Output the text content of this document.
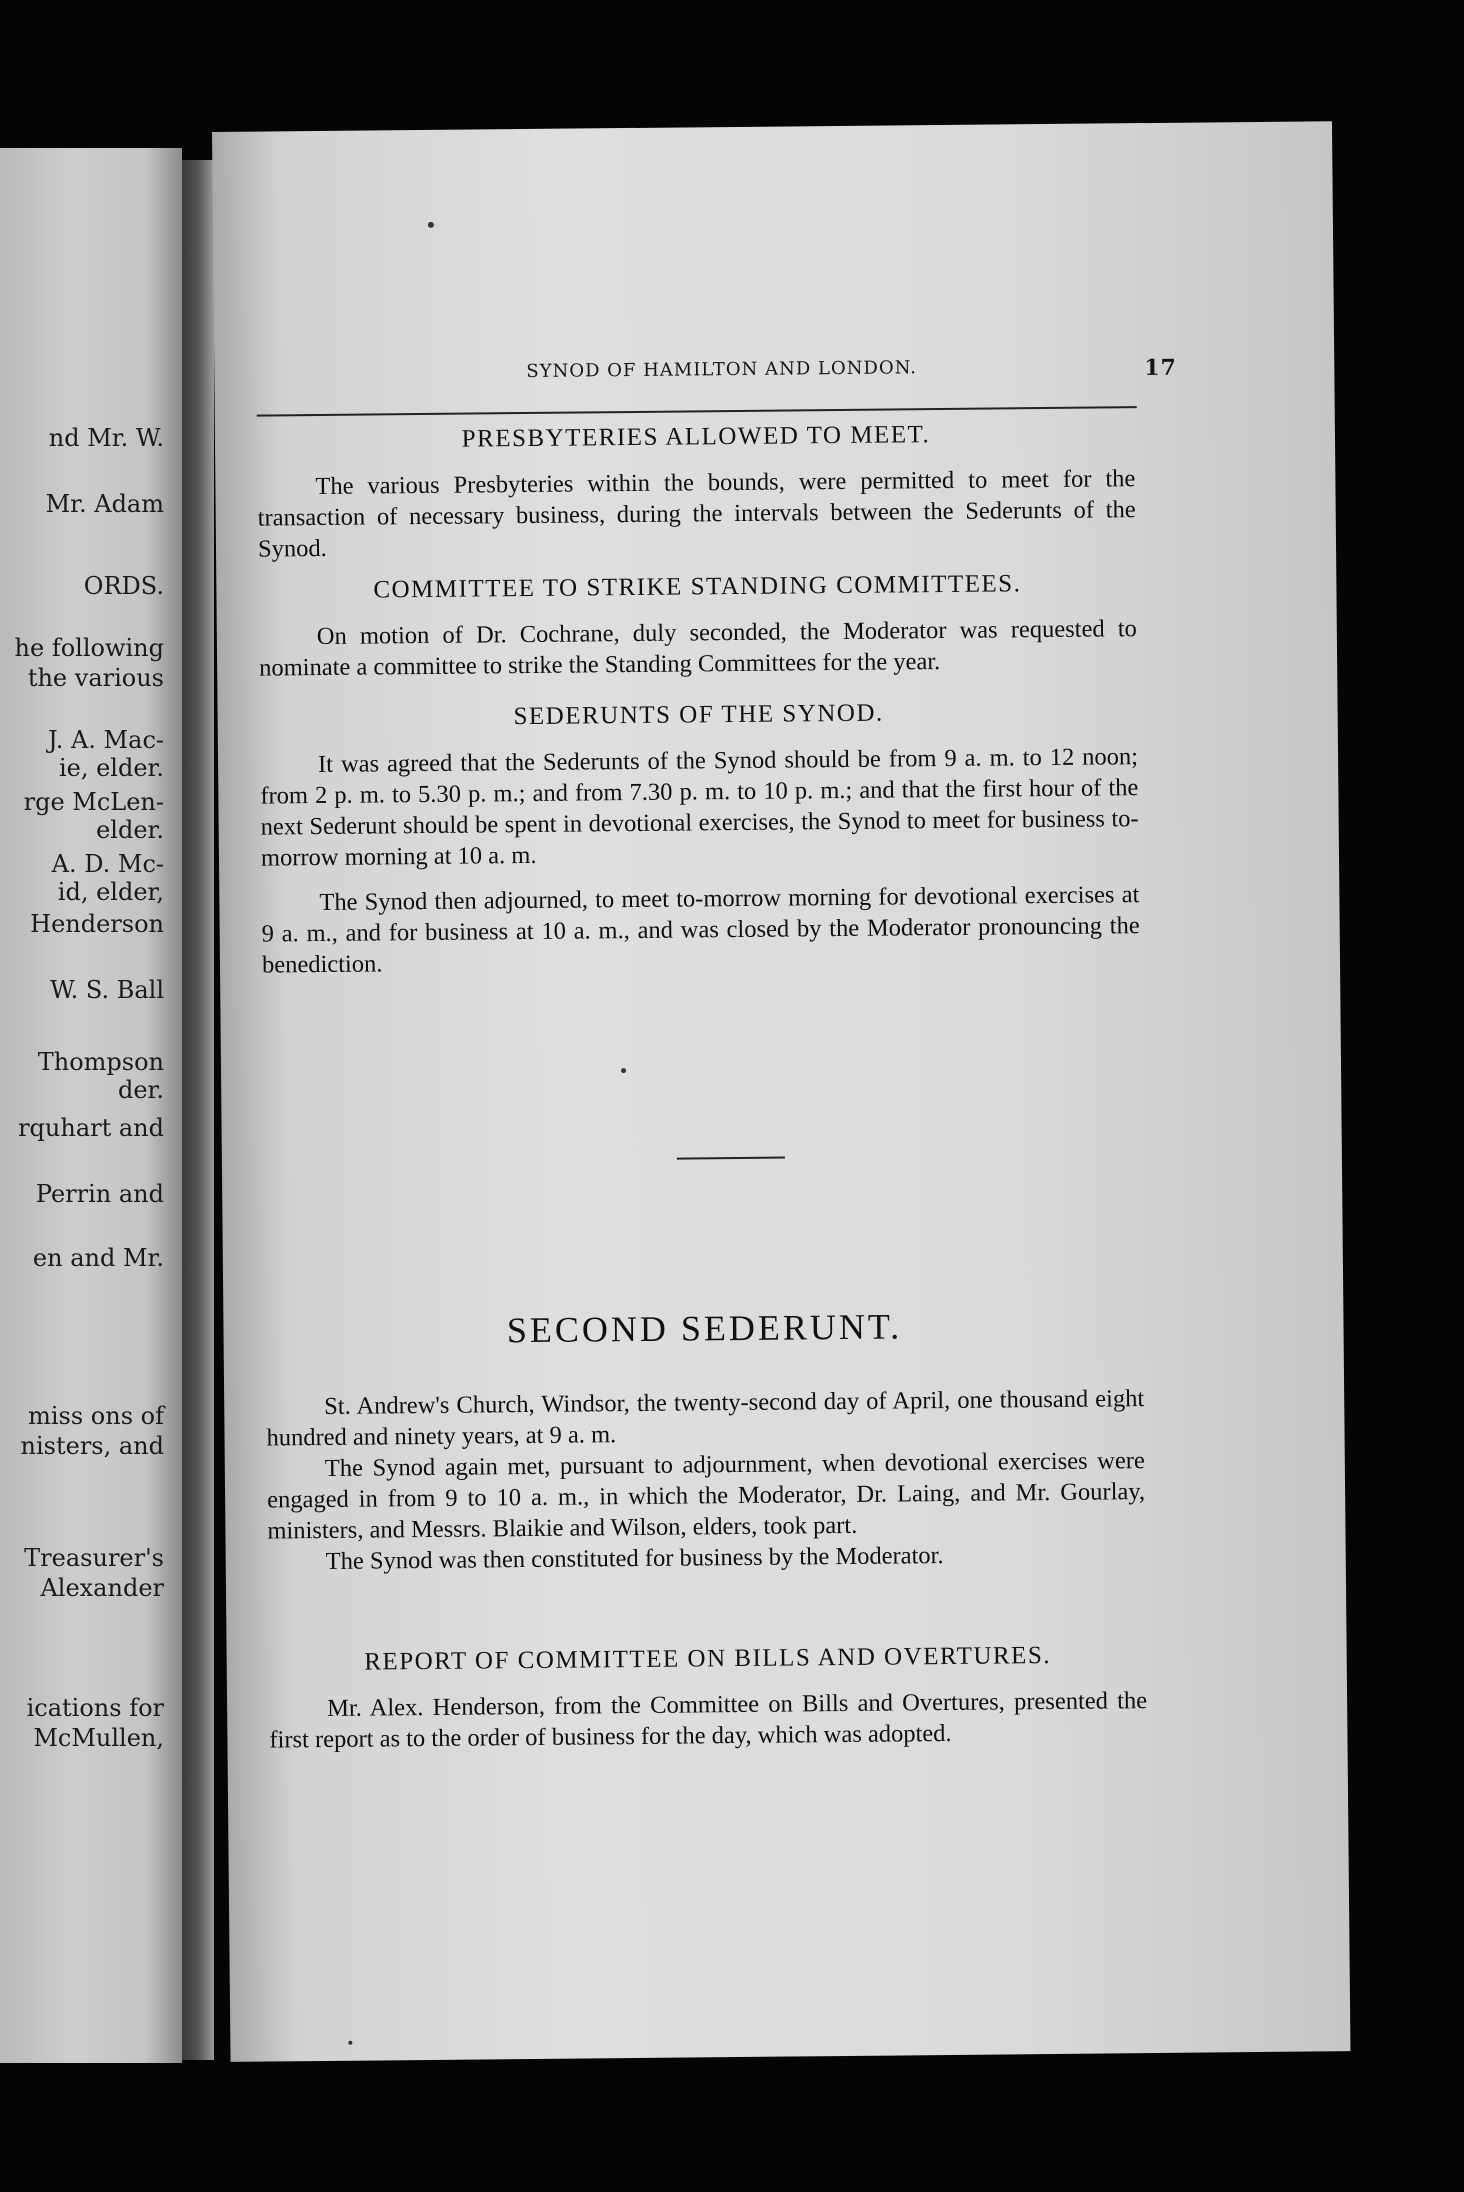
nd Mr. W.
Mr. Adam
ORDS.
he following
the various
J. A. Mac-
ie, elder.
rge McLen-
elder.
A. D. Mc-
id, elder,
Henderson
W. S. Ball
Thompson
der.
rquhart and
Perrin and
en and Mr.
miss ons of
nisters, and
Treasurer's
Alexander
ications for
McMullen,
SYNOD OF HAMILTON AND LONDON.	17
PRESBYTERIES ALLOWED TO MEET.

The various Presbyteries within the bounds, were permitted to meet for the transaction of necessary business, during the intervals between the Sederunts of the Synod.

COMMITTEE TO STRIKE STANDING COMMITTEES.

On motion of Dr. Cochrane, duly seconded, the Moderator was requested to nominate a committee to strike the Standing Committees for the year.

SEDERUNTS OF THE SYNOD.

It was agreed that the Sederunts of the Synod should be from 9 a. m. to 12 noon; from 2 p. m. to 5.30 p. m.; and from 7.30 p. m. to 10 p. m.; and that the first hour of the next Sederunt should be spent in devotional exercises, the Synod to meet for business to-morrow morning at 10 a. m.

The Synod then adjourned, to meet to-morrow morning for devotional exercises at 9 a. m., and for business at 10 a. m., and was closed by the Moderator pronouncing the benediction.

SECOND SEDERUNT.

St. Andrew's Church, Windsor, the twenty-second day of April, one thousand eight hundred and ninety years, at 9 a. m.

The Synod again met, pursuant to adjournment, when devotional exercises were engaged in from 9 to 10 a. m., in which the Moderator, Dr. Laing, and Mr. Gourlay, ministers, and Messrs. Blaikie and Wilson, elders, took part.

The Synod was then constituted for business by the Moderator.

REPORT OF COMMITTEE ON BILLS AND OVERTURES.

Mr. Alex. Henderson, from the Committee on Bills and Overtures, presented the first report as to the order of business for the day, which was adopted.
